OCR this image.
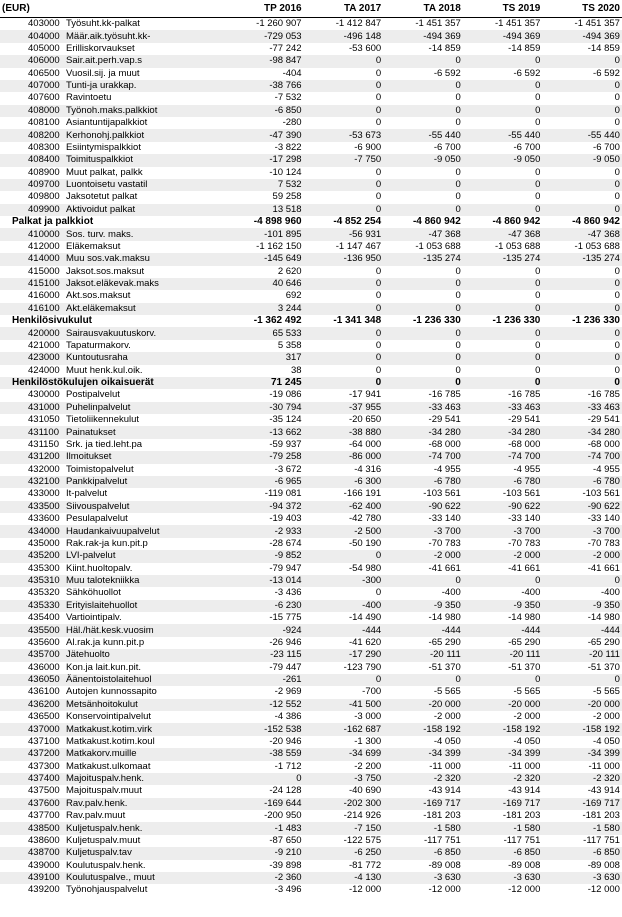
(EUR)	TP 2016	TA 2017	TA 2018	TS 2019	TS 2020
403000 Työsuht.kk-palkat	-1 260 907	-1 412 847	-1 451 357	-1 451 357	-1 451 357
404000 Määr.aik.työsuht.kk-	-729 053	-496 148	-494 369	-494 369	-494 369
405000 Erilliskorvaukset	-77 242	-53 600	-14 859	-14 859	-14 859
406000 Sair.ait.perh.vap.s	-98 847	0	0	0	0
406500 Vuosil.sij. ja muut	-404	0	-6 592	-6 592	-6 592
407000 Tunti-ja urakkap.	-38 766	0	0	0	0
407600 Ravintoetu	-7 532	0	0	0	0
408000 Työnoh.maks.palkkiot	-6 850	0	0	0	0
408100 Asiantuntijapalkkiot	-280	0	0	0	0
408200 Kerhonohj.palkkiot	-47 390	-53 673	-55 440	-55 440	-55 440
408300 Esiintymispalkkiot	-3 822	-6 900	-6 700	-6 700	-6 700
408400 Toimituspalkkiot	-17 298	-7 750	-9 050	-9 050	-9 050
408900 Muut palkat, palkk	-10 124	0	0	0	0
409700 Luontoisetu vastatil	7 532	0	0	0	0
409800 Jaksotetut palkat	59 258	0	0	0	0
409900 Aktivoidut palkat	13 518	0	0	0	0
Palkat ja palkkiot	-4 898 960	-4 852 254	-4 860 942	-4 860 942	-4 860 942
410000 Sos. turv. maks.	-101 895	-56 931	-47 368	-47 368	-47 368
412000 Eläkemaksut	-1 162 150	-1 147 467	-1 053 688	-1 053 688	-1 053 688
414000 Muu sos.vak.maksu	-145 649	-136 950	-135 274	-135 274	-135 274
415000 Jaksot.sos.maksut	2 620	0	0	0	0
415100 Jaksot.eläkevak.maks	40 646	0	0	0	0
416000 Akt.sos.maksut	692	0	0	0	0
416100 Akt.eläkemaksut	3 244	0	0	0	0
Henkilösivukulut	-1 362 492	-1 341 348	-1 236 330	-1 236 330	-1 236 330
420000 Sairausvakuutuskorv.	65 533	0	0	0	0
421000 Tapaturmakorv.	5 358	0	0	0	0
423000 Kuntoutusraha	317	0	0	0	0
424000 Muut henk.kul.oik.	38	0	0	0	0
Henkilöstökulujen oikaisuerät	71 245	0	0	0	0
430000 Postipalvelut	-19 086	-17 941	-16 785	-16 785	-16 785
431000 Puhelinpalvelut	-30 794	-37 955	-33 463	-33 463	-33 463
431050 Tietoliikennekulut	-35 124	-20 650	-29 541	-29 541	-29 541
431100 Painatukset	-13 662	-38 880	-34 280	-34 280	-34 280
431150 Srk. ja tied.leht.pa	-59 937	-64 000	-68 000	-68 000	-68 000
431200 Ilmoitukset	-79 258	-86 000	-74 700	-74 700	-74 700
432000 Toimistopalvelut	-3 672	-4 316	-4 955	-4 955	-4 955
432100 Pankkipalvelut	-6 965	-6 300	-6 780	-6 780	-6 780
433000 It-palvelut	-119 081	-166 191	-103 561	-103 561	-103 561
433500 Siivouspalvelut	-94 372	-62 400	-90 622	-90 622	-90 622
433600 Pesulapalvelut	-19 403	-42 780	-33 140	-33 140	-33 140
434000 Haudankaivuupalvelut	-2 933	-2 500	-3 700	-3 700	-3 700
435000 Rak.rak-ja kun.pit.p	-28 674	-50 190	-70 783	-70 783	-70 783
435200 LVI-palvelut	-9 852	0	-2 000	-2 000	-2 000
435300 Kiint.huoltopalv.	-79 947	-54 980	-41 661	-41 661	-41 661
435310 Muu talotekniikka	-13 014	-300	0	0	0
435320 Sähköhuollot	-3 436	0	-400	-400	-400
435330 Erityislaitehuollot	-6 230	-400	-9 350	-9 350	-9 350
435400 Vartiointipalv.	-15 775	-14 490	-14 980	-14 980	-14 980
435500 Häl./hät.kesk.vuosim	-924	-444	-444	-444	-444
435600 Al.rak.ja kunn.pit.p	-26 946	-41 620	-65 290	-65 290	-65 290
435700 Jätehuolto	-23 115	-17 290	-20 111	-20 111	-20 111
436000 Kon.ja lait.kun.pit.	-79 447	-123 790	-51 370	-51 370	-51 370
436050 Äänentoistolaitehuol	-261	0	0	0	0
436100 Autojen kunnossapito	-2 969	-700	-5 565	-5 565	-5 565
436200 Metsänhoitokulut	-12 552	-41 500	-20 000	-20 000	-20 000
436500 Konservointipalvelut	-4 386	-3 000	-2 000	-2 000	-2 000
437000 Matkakust.kotim.virk	-152 538	-162 687	-158 192	-158 192	-158 192
437100 Matkakust.kotim.koul	-20 946	-1 300	-4 050	-4 050	-4 050
437200 Matkakorv.muille	-38 559	-34 699	-34 399	-34 399	-34 399
437300 Matkakust.ulkomaat	-1 712	-2 200	-11 000	-11 000	-11 000
437400 Majoituspalv.henk.	0	-3 750	-2 320	-2 320	-2 320
437500 Majoituspalv.muut	-24 128	-40 690	-43 914	-43 914	-43 914
437600 Rav.palv.henk.	-169 644	-202 300	-169 717	-169 717	-169 717
437700 Rav.palv.muut	-200 950	-214 926	-181 203	-181 203	-181 203
438500 Kuljetuspalv.henk.	-1 483	-7 150	-1 580	-1 580	-1 580
438600 Kuljetuspalv.muut	-87 650	-122 575	-117 751	-117 751	-117 751
438700 Kuljetuspalv.tav	-9 210	-6 250	-6 850	-6 850	-6 850
439000 Koulutuspalv.henk.	-39 898	-81 772	-89 008	-89 008	-89 008
439100 Koulutuspalve., muut	-2 360	-4 130	-3 630	-3 630	-3 630
439200 Työnohjauspalvelut	-3 496	-12 000	-12 000	-12 000	-12 000
